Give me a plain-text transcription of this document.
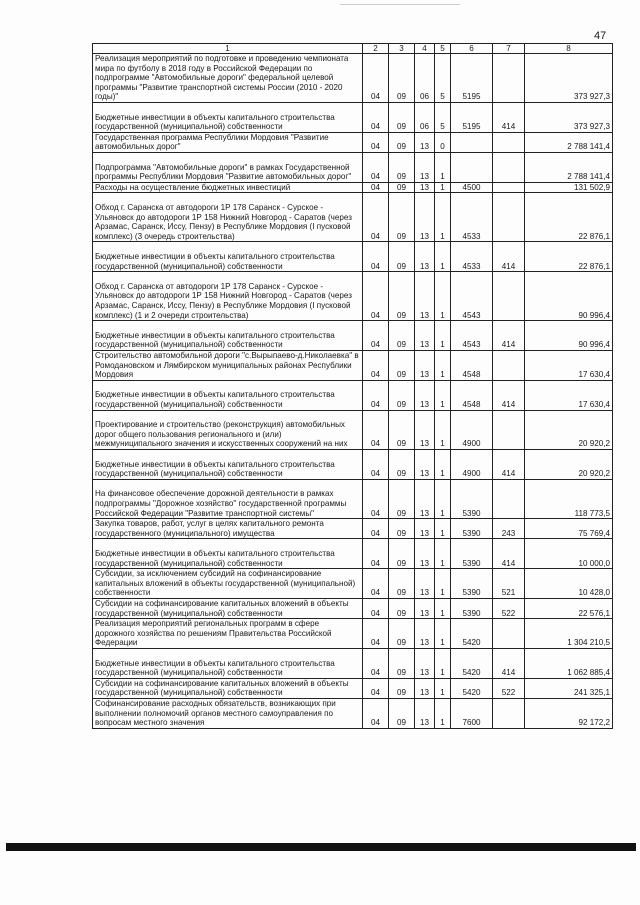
47
1	2	3	4	5	6	7	8
Реализация мероприятий по подготовке и проведению чемпионата мира по футболу в 2018 году в Российской Федерации по подпрограмме "Автомобильные дороги" федеральной целевой программы "Развитие транспортной системы России (2010 - 2020 годы)"	04	09	06	5	5195		373 927,3
Бюджетные инвестиции в объекты капитального строительства государственной (муниципальной) собственности	04	09	06	5	5195	414	373 927,3
Государственная программа Республики Мордовия "Развитие автомобильных дорог"	04	09	13	0			2 788 141,4
Подпрограмма "Автомобильные дороги" в рамках Государственной программы Республики Мордовия "Развитие автомобильных дорог"	04	09	13	1			2 788 141,4
Расходы на осуществление бюджетных инвестиций	04	09	13	1	4500		131 502,9
Обход г. Саранска от автодороги 1Р 178 Саранск - Сурское - Ульяновск до автодороги 1Р 158 Нижний Новгород - Саратов (через Арзамас, Саранск, Иссу, Пензу) в Республике Мордовия (I пусковой комплекс) (3 очередь строительства)	04	09	13	1	4533		22 876,1
Бюджетные инвестиции в объекты капитального строительства государственной (муниципальной) собственности	04	09	13	1	4533	414	22 876,1
Обход г. Саранска от автодороги 1Р 178 Саранск - Сурское - Ульяновск до автодороги 1Р 158 Нижний Новгород - Саратов (через Арзамас, Саранск, Иссу, Пензу) в Республике Мордовия (I пусковой комплекс) (1 и 2 очереди строительства)	04	09	13	1	4543		90 996,4
Бюджетные инвестиции в объекты капитального строительства государственной (муниципальной) собственности	04	09	13	1	4543	414	90 996,4
Строительство автомобильной дороги "с.Вырыпаево-д.Николаевка" в Ромодановском и Лямбирском муниципальных районах Республики Мордовия	04	09	13	1	4548		17 630,4
Бюджетные инвестиции в объекты капитального строительства государственной (муниципальной) собственности	04	09	13	1	4548	414	17 630,4
Проектирование и строительство (реконструкция) автомобильных дорог общего пользования регионального и (или) межмуниципального значения и искусственных сооружений на них	04	09	13	1	4900		20 920,2
Бюджетные инвестиции в объекты капитального строительства государственной (муниципальной) собственности	04	09	13	1	4900	414	20 920,2
На финансовое обеспечение дорожной деятельности в рамках подпрограммы "Дорожное хозяйство" государственной программы Российской Федерации "Развитие транспортной системы"	04	09	13	1	5390		118 773,5
Закупка товаров, работ, услуг в целях капитального ремонта государственного (муниципального) имущества	04	09	13	1	5390	243	75 769,4
Бюджетные инвестиции в объекты капитального строительства государственной (муниципальной) собственности	04	09	13	1	5390	414	10 000,0
Субсидии, за исключением субсидий на софинансирование капитальных вложений в объекты государственной (муниципальной) собственности	04	09	13	1	5390	521	10 428,0
Субсидии на софинансирование капитальных вложений в объекты государственной (муниципальной) собственности	04	09	13	1	5390	522	22 576,1
Реализация мероприятий региональных программ в сфере дорожного хозяйства по решениям Правительства Российской Федерации	04	09	13	1	5420		1 304 210,5
Бюджетные инвестиции в объекты капитального строительства государственной (муниципальной) собственности	04	09	13	1	5420	414	1 062 885,4
Субсидии на софинансирование капитальных вложений в объекты государственной (муниципальной) собственности	04	09	13	1	5420	522	241 325,1
Софинансирование расходных обязательств, возникающих при выполнении полномочий органов местного самоуправления по вопросам местного значения	04	09	13	1	7600		92 172,2
